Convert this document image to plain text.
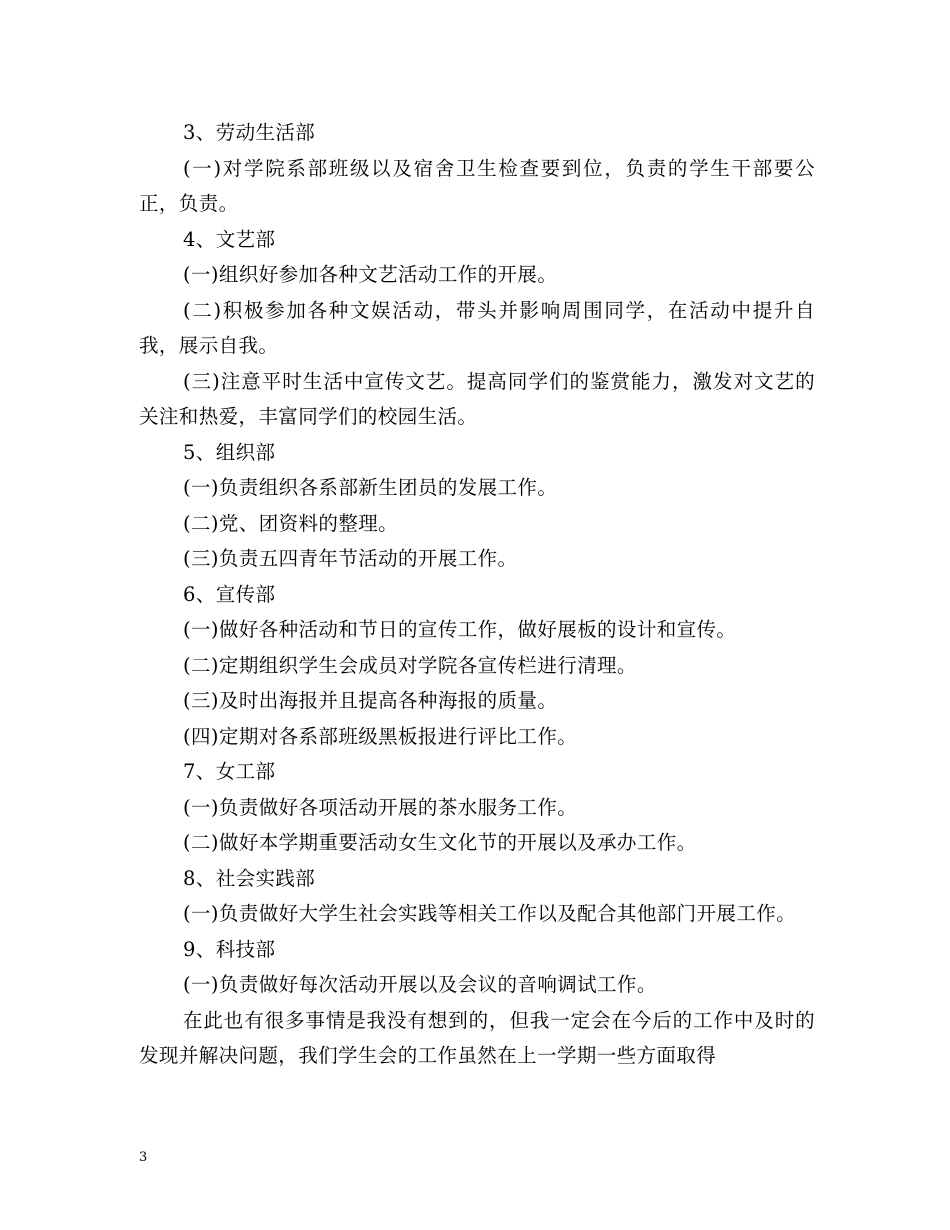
3、劳动生活部

(一)对学院系部班级以及宿舍卫生检查要到位，负责的学生干部要公正，负责。

4、文艺部

(一)组织好参加各种文艺活动工作的开展。

(二)积极参加各种文娱活动，带头并影响周围同学，在活动中提升自我，展示自我。

(三)注意平时生活中宣传文艺。提高同学们的鉴赏能力，激发对文艺的关注和热爱，丰富同学们的校园生活。

5、组织部

(一)负责组织各系部新生团员的发展工作。

(二)党、团资料的整理。

(三)负责五四青年节活动的开展工作。

6、宣传部

(一)做好各种活动和节日的宣传工作，做好展板的设计和宣传。

(二)定期组织学生会成员对学院各宣传栏进行清理。

(三)及时出海报并且提高各种海报的质量。

(四)定期对各系部班级黑板报进行评比工作。

7、女工部

(一)负责做好各项活动开展的茶水服务工作。

(二)做好本学期重要活动女生文化节的开展以及承办工作。

8、社会实践部

(一)负责做好大学生社会实践等相关工作以及配合其他部门开展工作。

9、科技部

(一)负责做好每次活动开展以及会议的音响调试工作。

在此也有很多事情是我没有想到的，但我一定会在今后的工作中及时的发现并解决问题，我们学生会的工作虽然在上一学期一些方面取得

3
